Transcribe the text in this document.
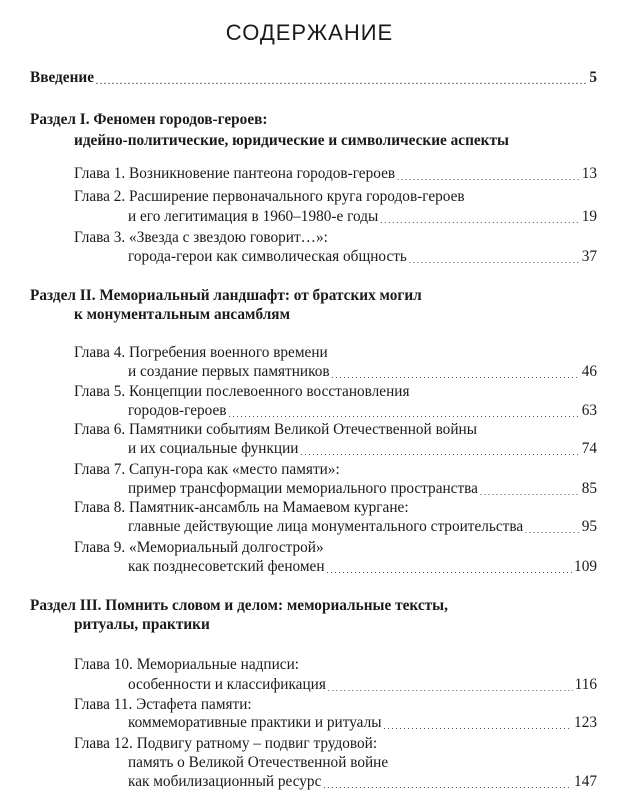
СОДЕРЖАНИЕ
Введение . . .	5
Раздел I. Феномен городов-героев:
идейно-политические, юридические и символические аспекты
Глава 1. Возникновение пантеона городов-героев . . .	13
Глава 2. Расширение первоначального круга городов-героев
и его легитимация в 1960–1980-е годы . . .	19
Глава 3. «Звезда с звездою говорит…»:
города-герои как символическая общность . . .	37
Раздел II. Мемориальный ландшафт: от братских могил
к монументальным ансамблям
Глава 4. Погребения военного времени
и создание первых памятников . . .	46
Глава 5. Концепции послевоенного восстановления
городов-героев . . .	63
Глава 6. Памятники событиям Великой Отечественной войны
и их социальные функции . . .	74
Глава 7. Сапун-гора как «место памяти»:
пример трансформации мемориального пространства . . .	85
Глава 8. Памятник-ансамбль на Мамаевом кургане:
главные действующие лица монументального строительства . . .	95
Глава 9. «Мемориальный долгострой»
как позднесоветский феномен . . .	109
Раздел III. Помнить словом и делом: мемориальные тексты,
ритуалы, практики
Глава 10. Мемориальные надписи:
особенности и классификация . . .	116
Глава 11. Эстафета памяти:
коммеморативные практики и ритуалы . . .	123
Глава 12. Подвигу ратному – подвиг трудовой:
память о Великой Отечественной войне
как мобилизационный ресурс . . .	147
